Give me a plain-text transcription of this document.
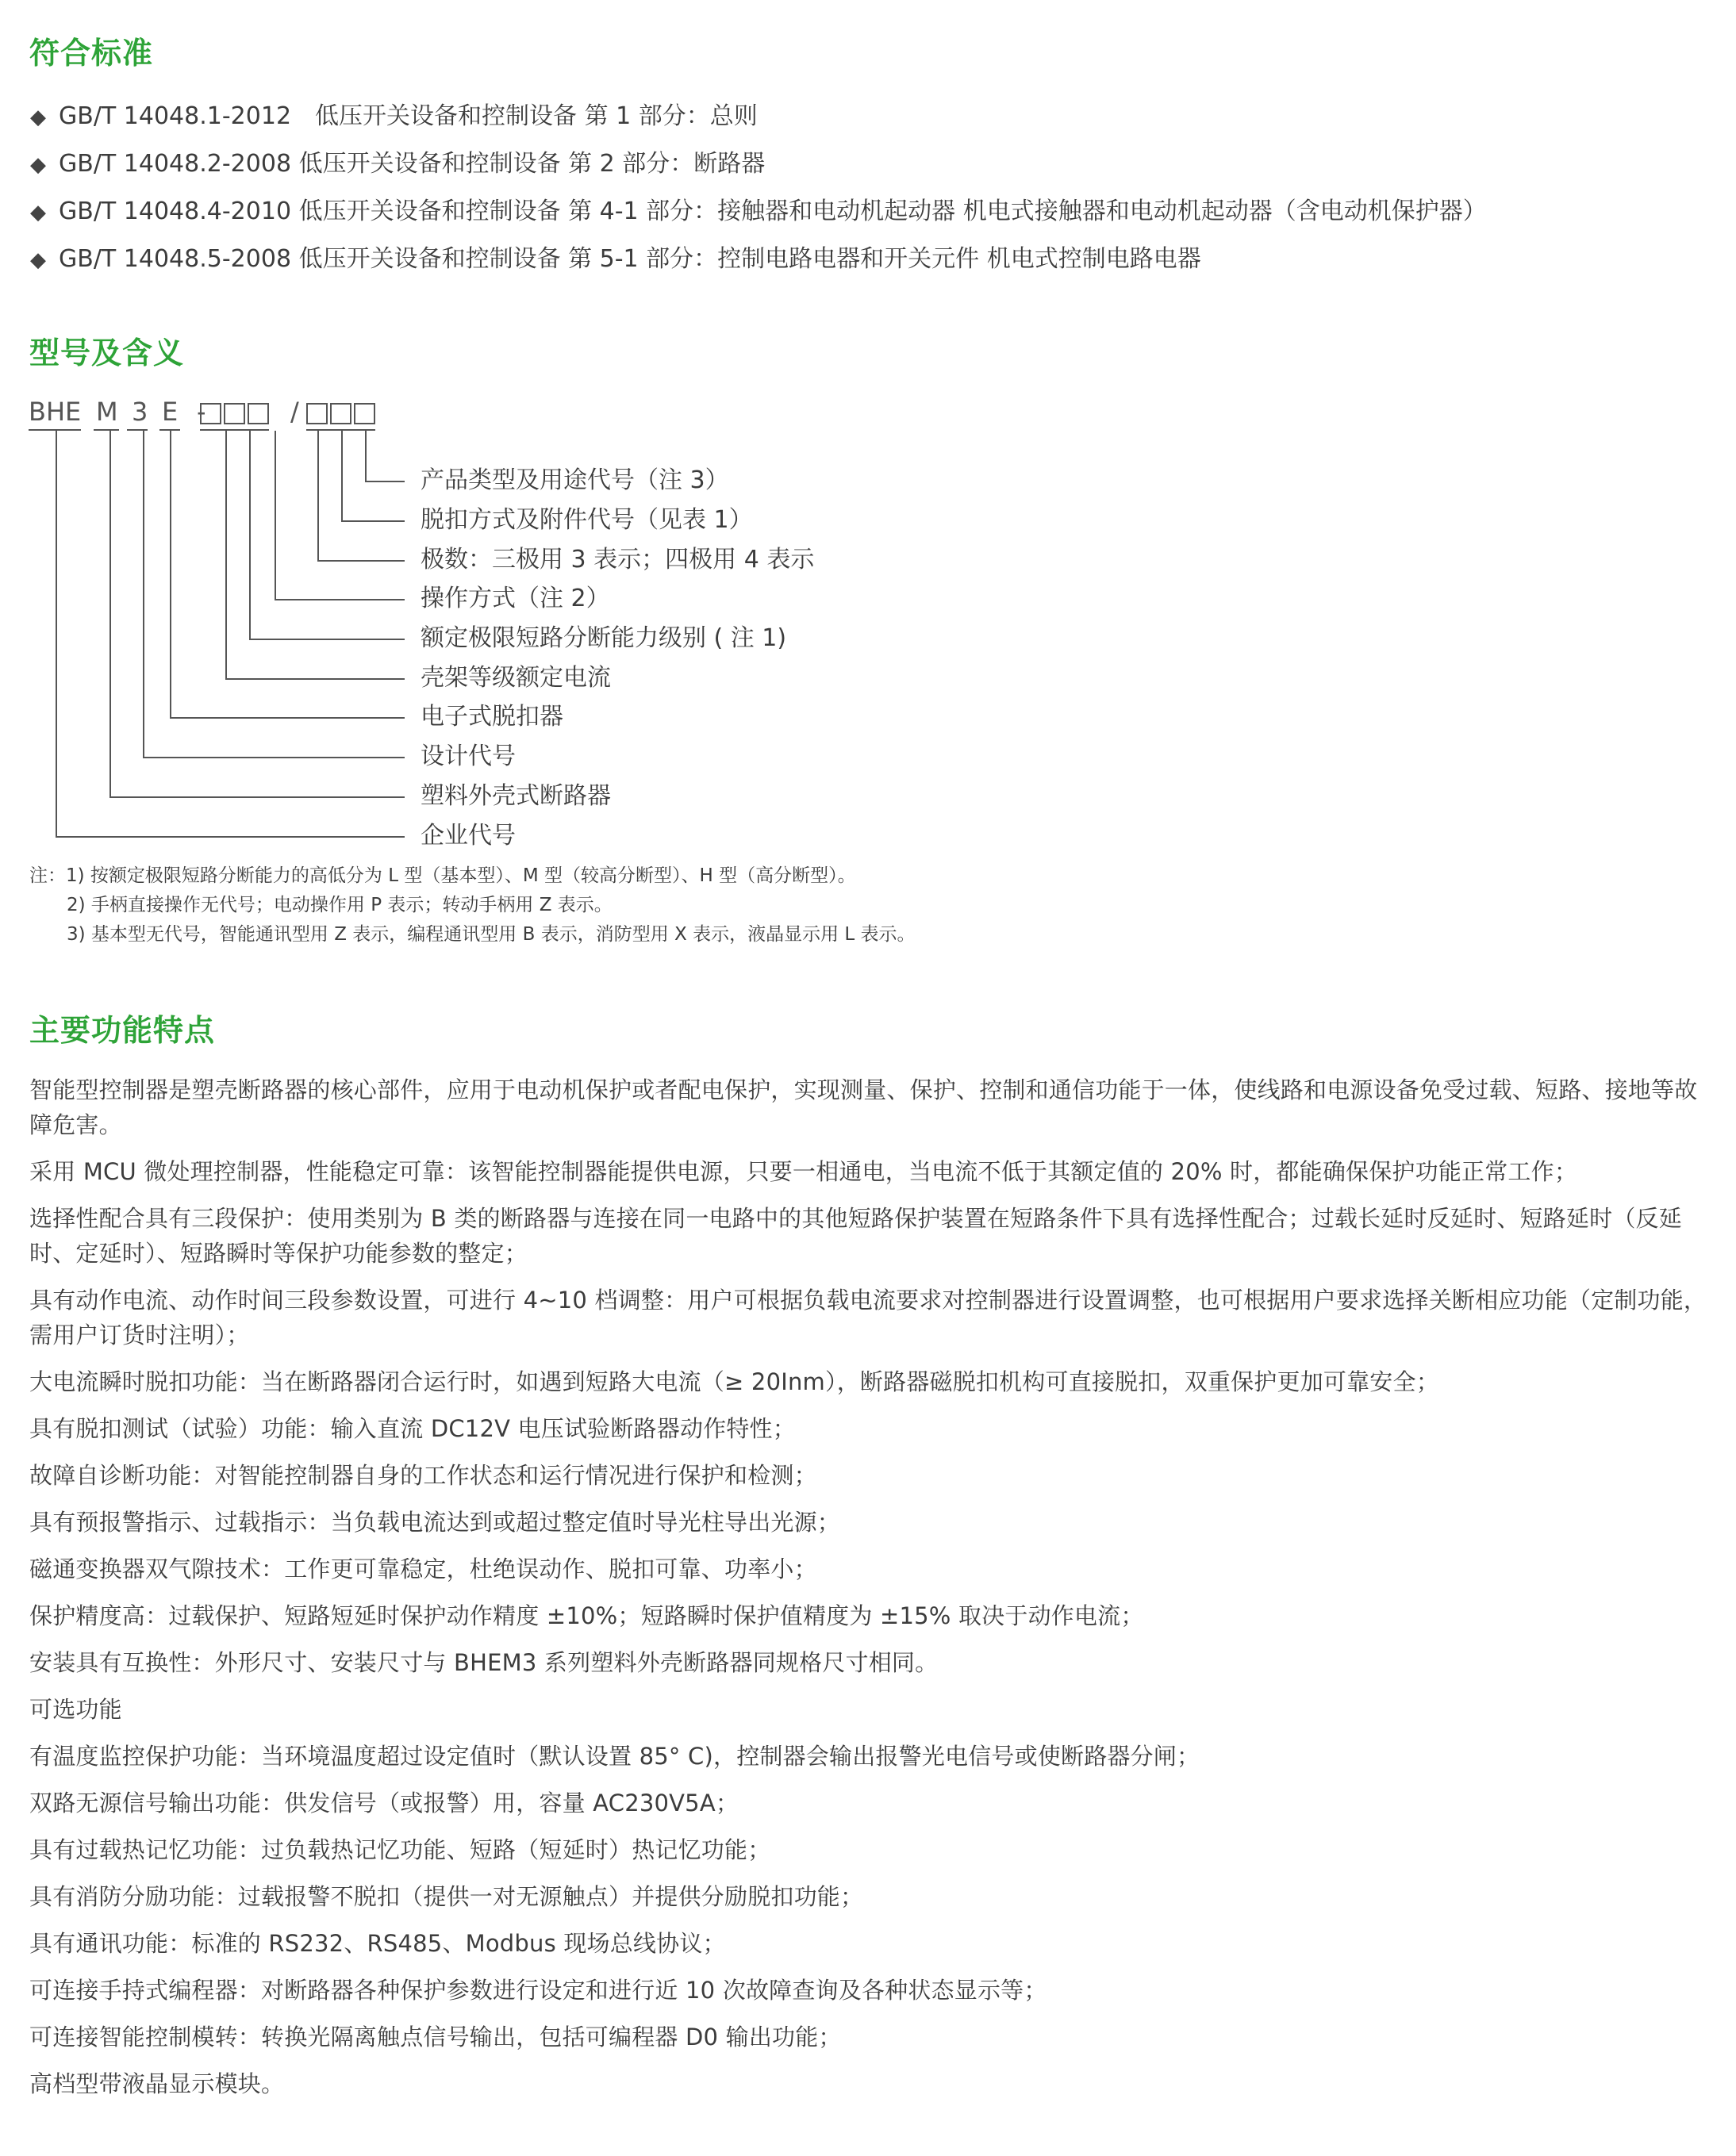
符合标准
◆ GB/T 14048.1-2012　低压开关设备和控制设备 第 1 部分：总则
◆ GB/T 14048.2-2008 低压开关设备和控制设备 第 2 部分：断路器
◆ GB/T 14048.4-2010 低压开关设备和控制设备 第 4-1 部分：接触器和电动机起动器 机电式接触器和电动机起动器（含电动机保护器）
◆ GB/T 14048.5-2008 低压开关设备和控制设备 第 5-1 部分：控制电路电器和开关元件 机电式控制电路电器
型号及含义
BHE M 3 E -	/
产品类型及用途代号（注 3）
脱扣方式及附件代号（见表 1）
极数：三极用 3 表示；四极用 4 表示
操作方式（注 2）
额定极限短路分断能力级别 ( 注 1)
壳架等级额定电流
电子式脱扣器
设计代号
塑料外壳式断路器
企业代号
注：1) 按额定极限短路分断能力的高低分为 L 型（基本型）、M 型（较高分断型）、H 型（高分断型）。
2) 手柄直接操作无代号；电动操作用 P 表示；转动手柄用 Z 表示。
3) 基本型无代号，智能通讯型用 Z 表示，编程通讯型用 B 表示，消防型用 X 表示，液晶显示用 L 表示。
主要功能特点

智能型控制器是塑壳断路器的核心部件，应用于电动机保护或者配电保护，实现测量、保护、控制和通信功能于一体，使线路和电源设备免受过载、短路、接地等故障危害。

采用 MCU 微处理控制器，性能稳定可靠：该智能控制器能提供电源，只要一相通电，当电流不低于其额定值的 20% 时，都能确保保护功能正常工作；

选择性配合具有三段保护：使用类别为 B 类的断路器与连接在同一电路中的其他短路保护装置在短路条件下具有选择性配合；过载长延时反延时、短路延时（反延时、定延时）、短路瞬时等保护功能参数的整定；

具有动作电流、动作时间三段参数设置，可进行 4~10 档调整：用户可根据负载电流要求对控制器进行设置调整，也可根据用户要求选择关断相应功能（定制功能，需用户订货时注明）；

大电流瞬时脱扣功能：当在断路器闭合运行时，如遇到短路大电流（≥ 20Inm），断路器磁脱扣机构可直接脱扣，双重保护更加可靠安全；

具有脱扣测试（试验）功能：输入直流 DC12V 电压试验断路器动作特性；

故障自诊断功能：对智能控制器自身的工作状态和运行情况进行保护和检测；

具有预报警指示、过载指示：当负载电流达到或超过整定值时导光柱导出光源；

磁通变换器双气隙技术：工作更可靠稳定，杜绝误动作、脱扣可靠、功率小；

保护精度高：过载保护、短路短延时保护动作精度 ±10%；短路瞬时保护值精度为 ±15% 取决于动作电流；

安装具有互换性：外形尺寸、安装尺寸与 BHEM3 系列塑料外壳断路器同规格尺寸相同。

可选功能

有温度监控保护功能：当环境温度超过设定值时（默认设置 85° C)，控制器会输出报警光电信号或使断路器分闸；

双路无源信号输出功能：供发信号（或报警）用，容量 AC230V5A；

具有过载热记忆功能：过负载热记忆功能、短路（短延时）热记忆功能；

具有消防分励功能：过载报警不脱扣（提供一对无源触点）并提供分励脱扣功能；

具有通讯功能：标准的 RS232、RS485、Modbus 现场总线协议；

可连接手持式编程器：对断路器各种保护参数进行设定和进行近 10 次故障查询及各种状态显示等；

可连接智能控制模转：转换光隔离触点信号输出，包括可编程器 D0 输出功能；

高档型带液晶显示模块。
